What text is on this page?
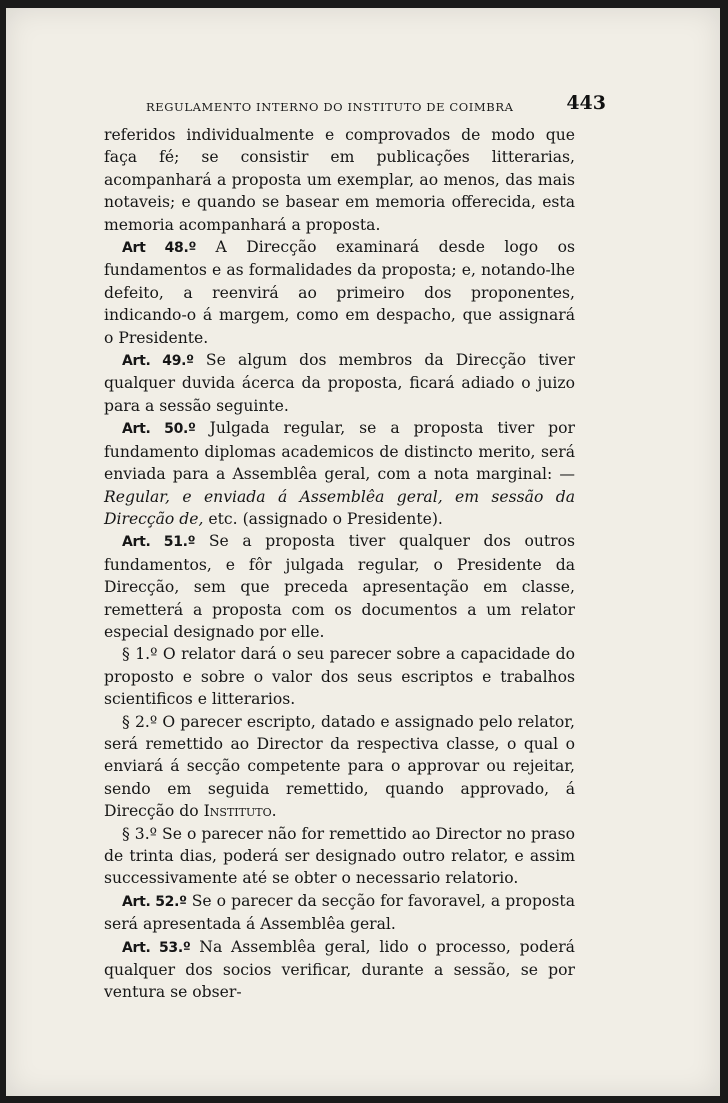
REGULAMENTO INTERNO DO INSTITUTO DE COIMBRA	443

referidos individualmente e comprovados de modo que faça fé; se consistir em publicações litterarias, acompanhará a proposta um exemplar, ao menos, das mais notaveis; e quando se basear em memoria offerecida, esta memoria acompanhará a proposta.

Art 48.º A Direcção examinará desde logo os fundamentos e as formalidades da proposta; e, notando-lhe defeito, a reenvirá ao primeiro dos proponentes, indicando-o á margem, como em despacho, que assignará o Presidente.

Art. 49.º Se algum dos membros da Direcção tiver qualquer duvida ácerca da proposta, ficará adiado o juizo para a sessão seguinte.

Art. 50.º Julgada regular, se a proposta tiver por fundamento diplomas academicos de distincto merito, será enviada para a Assemblêa geral, com a nota marginal: —Regular, e enviada á Assemblêa geral, em sessão da Direcção de, etc. (assignado o Presidente).

Art. 51.º Se a proposta tiver qualquer dos outros fundamentos, e fôr julgada regular, o Presidente da Direcção, sem que preceda apresentação em classe, remetterá a proposta com os documentos a um relator especial designado por elle.

§ 1.º O relator dará o seu parecer sobre a capacidade do proposto e sobre o valor dos seus escriptos e trabalhos scientificos e litterarios.

§ 2.º O parecer escripto, datado e assignado pelo relator, será remettido ao Director da respectiva classe, o qual o enviará á secção competente para o approvar ou rejeitar, sendo em seguida remettido, quando approvado, á Direcção do Instituto.

§ 3.º Se o parecer não for remettido ao Director no praso de trinta dias, poderá ser designado outro relator, e assim successivamente até se obter o necessario relatorio.

Art. 52.º Se o parecer da secção for favoravel, a proposta será apresentada á Assemblêa geral.

Art. 53.º Na Assemblêa geral, lido o processo, poderá qualquer dos socios verificar, durante a sessão, se por ventura se obser-
